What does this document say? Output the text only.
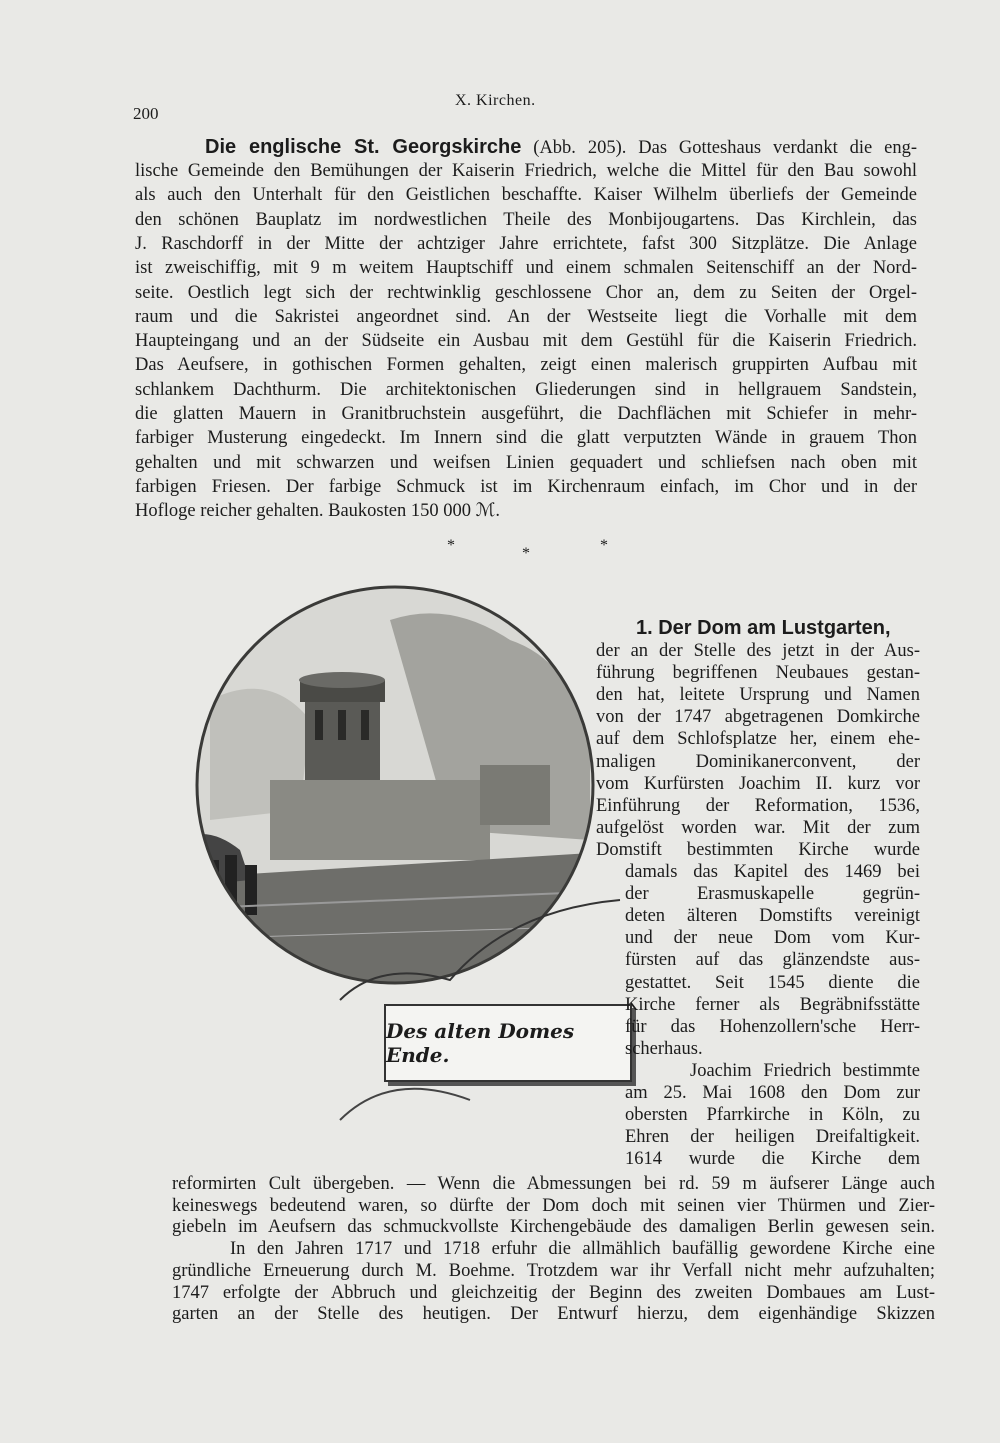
200
X. Kirchen.
Die englische St. Georgskirche (Abb. 205). Das Gotteshaus verdankt die eng-
lische Gemeinde den Bemühungen der Kaiserin Friedrich, welche die Mittel für den Bau sowohl
als auch den Unterhalt für den Geistlichen beschaffte. Kaiser Wilhelm überliefs der Gemeinde
den schönen Bauplatz im nordwestlichen Theile des Monbijougartens. Das Kirchlein, das
J. Raschdorff in der Mitte der achtziger Jahre errichtete, fafst 300 Sitzplätze. Die Anlage
ist zweischiffig, mit 9 m weitem Hauptschiff und einem schmalen Seitenschiff an der Nord-
seite. Oestlich legt sich der rechtwinklig geschlossene Chor an, dem zu Seiten der Orgel-
raum und die Sakristei angeordnet sind. An der Westseite liegt die Vorhalle mit dem
Haupteingang und an der Südseite ein Ausbau mit dem Gestühl für die Kaiserin Friedrich.
Das Aeufsere, in gothischen Formen gehalten, zeigt einen malerisch gruppirten Aufbau mit
schlankem Dachthurm. Die architektonischen Gliederungen sind in hellgrauem Sandstein,
die glatten Mauern in Granitbruchstein ausgeführt, die Dachflächen mit Schiefer in mehr-
farbiger Musterung eingedeckt. Im Innern sind die glatt verputzten Wände in grauem Thon
gehalten und mit schwarzen und weifsen Linien gequadert und schliefsen nach oben mit
farbigen Friesen. Der farbige Schmuck ist im Kirchenraum einfach, im Chor und in der
Hofloge reicher gehalten. Baukosten 150 000 ℳ.
*	*	*
Des alten Domes Ende.
1. Der Dom am Lustgarten,
der an der Stelle des jetzt in der Aus-
führung begriffenen Neubaues gestan-
den hat, leitete Ursprung und Namen
von der 1747 abgetragenen Domkirche
auf dem Schlofsplatze her, einem ehe-
maligen Dominikanerconvent, der
vom Kurfürsten Joachim II. kurz vor
Einführung der Reformation, 1536,
aufgelöst worden war. Mit der zum
Domstift bestimmten Kirche wurde
damals das Kapitel des 1469 bei
der Erasmuskapelle gegrün-
deten älteren Domstifts vereinigt
und der neue Dom vom Kur-
fürsten auf das glänzendste aus-
gestattet. Seit 1545 diente die
Kirche ferner als Begräbnifsstätte
für das Hohenzollern'sche Herr-
scherhaus.
Joachim Friedrich bestimmte
am 25. Mai 1608 den Dom zur
obersten Pfarrkirche in Köln, zu
Ehren der heiligen Dreifaltigkeit.
1614 wurde die Kirche dem
reformirten Cult übergeben. — Wenn die Abmessungen bei rd. 59 m äufserer Länge auch
keineswegs bedeutend waren, so dürfte der Dom doch mit seinen vier Thürmen und Zier-
giebeln im Aeufsern das schmuckvollste Kirchengebäude des damaligen Berlin gewesen sein.
In den Jahren 1717 und 1718 erfuhr die allmählich baufällig gewordene Kirche eine
gründliche Erneuerung durch M. Boehme. Trotzdem war ihr Verfall nicht mehr aufzuhalten;
1747 erfolgte der Abbruch und gleichzeitig der Beginn des zweiten Dombaues am Lust-
garten an der Stelle des heutigen. Der Entwurf hierzu, dem eigenhändige Skizzen
